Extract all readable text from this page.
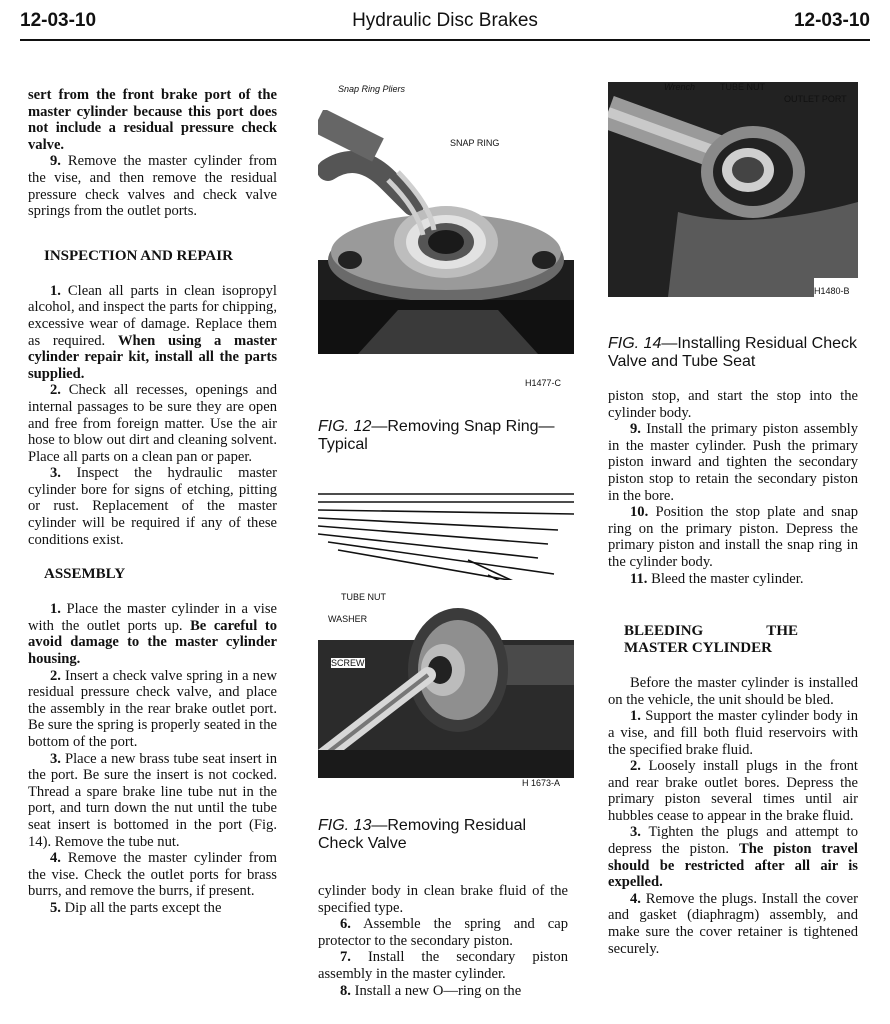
12-03-10	Hydraulic Disc Brakes	12-03-10

sert from the front brake port of the master cylinder because this port does not include a residual pressure check valve.

9. Remove the master cylinder from the vise, and then remove the residual pressure check valves and check valve springs from the outlet ports.

INSPECTION AND REPAIR

1. Clean all parts in clean isopropyl alcohol, and inspect the parts for chipping, excessive wear of damage. Replace them as required. When using a master cylinder repair kit, install all the parts supplied.

2. Check all recesses, openings and internal passages to be sure they are open and free from foreign matter. Use the air hose to blow out dirt and cleaning solvent. Place all parts on a clean pan or paper.

3. Inspect the hydraulic master cylinder bore for signs of etching, pitting or rust. Replacement of the master cylinder will be required if any of these conditions exist.

ASSEMBLY

1. Place the master cylinder in a vise with the outlet ports up. Be careful to avoid damage to the master cylinder housing.

2. Insert a check valve spring in a new residual pressure check valve, and place the assembly in the rear brake outlet port. Be sure the spring is properly seated in the bottom of the port.

3. Place a new brass tube seat insert in the port. Be sure the insert is not cocked. Thread a spare brake line tube nut in the port, and turn down the nut until the tube seat insert is bottomed in the port (Fig. 14). Remove the tube nut.

4. Remove the master cylinder from the vise. Check the outlet ports for brass burrs, and remove the burrs, if present.

5. Dip all the parts except the

Snap Ring Pliers
SNAP RING
H1477-C
FIG. 12—Removing Snap Ring—Typical
TUBE NUT
WASHER
SCREW
H 1673-A
FIG. 13—Removing Residual Check Valve

cylinder body in clean brake fluid of the specified type.

6. Assemble the spring and cap protector to the secondary piston.

7. Install the secondary piston assembly in the master cylinder.

8. Install a new O—ring on the

Wrench	TUBE NUT
OUTLET PORT
H1480-B
FIG. 14—Installing Residual Check Valve and Tube Seat

piston stop, and start the stop into the cylinder body.

9. Install the primary piston assembly in the master cylinder. Push the primary piston inward and tighten the secondary piston stop to retain the secondary piston in the bore.

10. Position the stop plate and snap ring on the primary piston. Depress the primary piston and install the snap ring in the cylinder body.

11. Bleed the master cylinder.

BLEEDING THE MASTER CYLINDER

Before the master cylinder is installed on the vehicle, the unit should be bled.

1. Support the master cylinder body in a vise, and fill both fluid reservoirs with the specified brake fluid.

2. Loosely install plugs in the front and rear brake outlet bores. Depress the primary piston several times until air hubbles cease to appear in the brake fluid.

3. Tighten the plugs and attempt to depress the piston. The piston travel should be restricted after all air is expelled.

4. Remove the plugs. Install the cover and gasket (diaphragm) assembly, and make sure the cover retainer is tightened securely.
